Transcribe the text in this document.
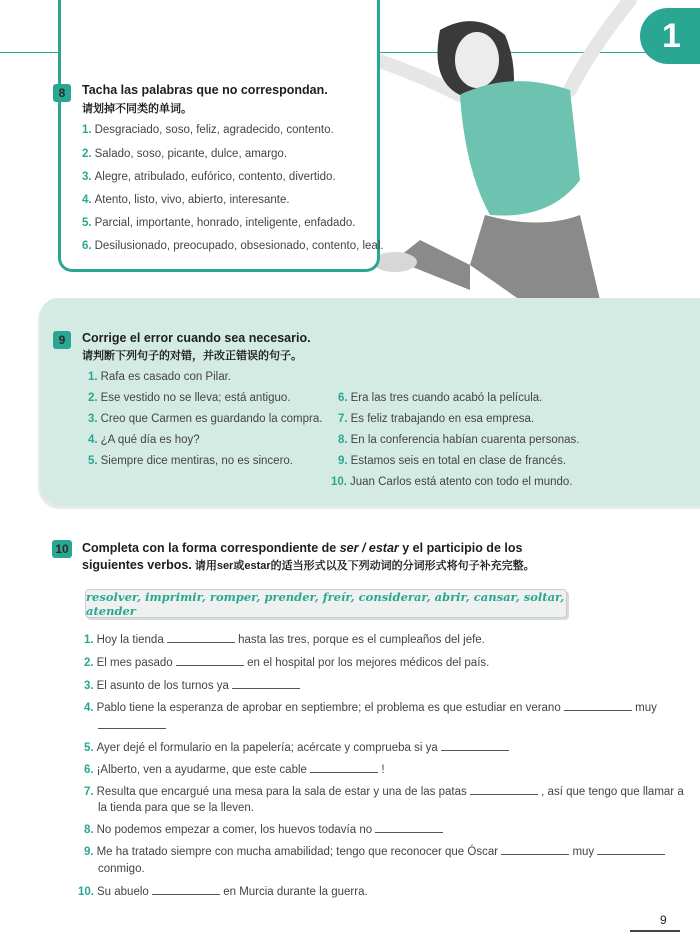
1
8 Tacha las palabras que no correspondan.
请划掉不同类的单词。
1. Desgraciado, soso, feliz, agradecido, contento.
2. Salado, soso, picante, dulce, amargo.
3. Alegre, atribulado, eufórico, contento, divertido.
4. Atento, listo, vivo, abierto, interesante.
5. Parcial, importante, honrado, inteligente, enfadado.
6. Desilusionado, preocupado, obsesionado, contento, leal.
9 Corrige el error cuando sea necesario.
请判断下列句子的对错，并改正错误的句子。
1. Rafa es casado con Pilar.
2. Ese vestido no se lleva; está antiguo.
3. Creo que Carmen es guardando la compra.
4. ¿A qué día es hoy?
5. Siempre dice mentiras, no es sincero.
6. Era las tres cuando acabó la película.
7. Es feliz trabajando en esa empresa.
8. En la conferencia habían cuarenta personas.
9. Estamos seis en total en clase de francés.
10. Juan Carlos está atento con todo el mundo.
10 Completa con la forma correspondiente de ser / estar y el participio de los
siguientes verbos. 请用ser或estar的适当形式以及下列动词的分词形式将句子补充完整。
resolver, imprimir, romper, prender, freír, considerar, abrir, cansar, soltar, atender
1. Hoy la tienda	hasta las tres, porque es el cumpleaños del jefe.
2. El mes pasado	en el hospital por los mejores médicos del país.
3. El asunto de los turnos ya
4. Pablo tiene la esperanza de aprobar en septiembre; el problema es que estudiar en verano	muy
5. Ayer dejé el formulario en la papelería; acércate y comprueba si ya
6. ¡Alberto, ven a ayudarme, que este cable	!
7. Resulta que encargué una mesa para la sala de estar y una de las patas	, así que tengo que llamar a
la tienda para que se la lleven.
8. No podemos empezar a comer, los huevos todavía no
9. Me ha tratado siempre con mucha amabilidad; tengo que reconocer que Óscar	muy
conmigo.
10. Su abuelo	en Murcia durante la guerra.
9
